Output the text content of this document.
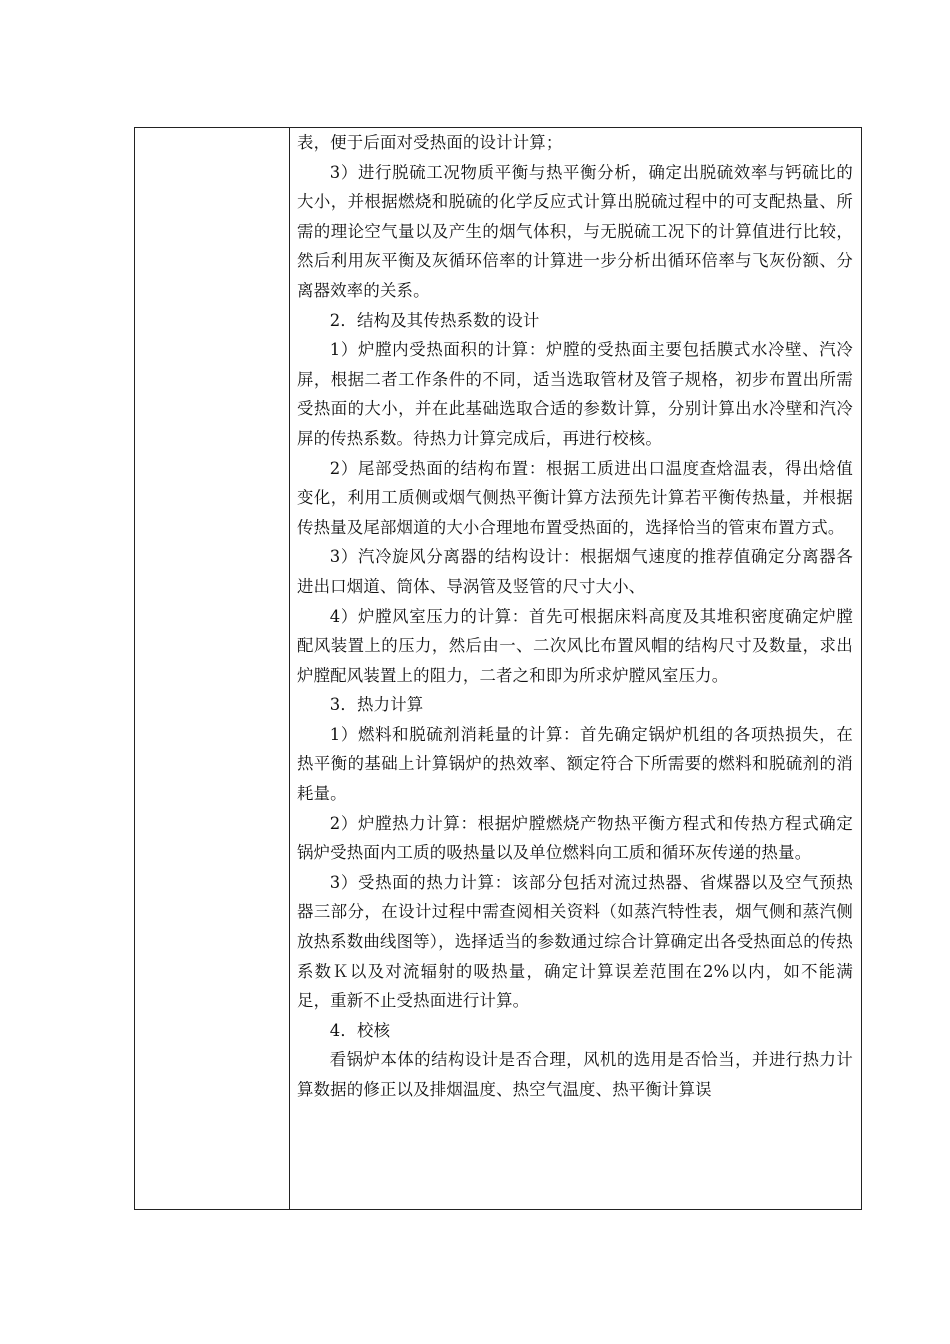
表，便于后面对受热面的设计计算；

3）进行脱硫工况物质平衡与热平衡分析，确定出脱硫效率与钙硫比的大小，并根据燃烧和脱硫的化学反应式计算出脱硫过程中的可支配热量、所需的理论空气量以及产生的烟气体积，与无脱硫工况下的计算值进行比较，然后利用灰平衡及灰循环倍率的计算进一步分析出循环倍率与飞灰份额、分离器效率的关系。

2．结构及其传热系数的设计

1）炉膛内受热面积的计算：炉膛的受热面主要包括膜式水冷壁、汽冷屏，根据二者工作条件的不同，适当选取管材及管子规格，初步布置出所需受热面的大小，并在此基础选取合适的参数计算，分别计算出水冷壁和汽冷屏的传热系数。待热力计算完成后，再进行校核。

2）尾部受热面的结构布置：根据工质进出口温度查焓温表，得出焓值变化，利用工质侧或烟气侧热平衡计算方法预先计算若平衡传热量，并根据传热量及尾部烟道的大小合理地布置受热面的，选择恰当的管束布置方式。

3）汽冷旋风分离器的结构设计：根据烟气速度的推荐值确定分离器各进出口烟道、筒体、导涡管及竖管的尺寸大小、

4）炉膛风室压力的计算：首先可根据床料高度及其堆积密度确定炉膛配风装置上的压力，然后由一、二次风比布置风帽的结构尺寸及数量，求出炉膛配风装置上的阻力，二者之和即为所求炉膛风室压力。

3．热力计算

1）燃料和脱硫剂消耗量的计算：首先确定锅炉机组的各项热损失，在热平衡的基础上计算锅炉的热效率、额定符合下所需要的燃料和脱硫剂的消耗量。

2）炉膛热力计算：根据炉膛燃烧产物热平衡方程式和传热方程式确定锅炉受热面内工质的吸热量以及单位燃料向工质和循环灰传递的热量。

3）受热面的热力计算：该部分包括对流过热器、省煤器以及空气预热器三部分，在设计过程中需查阅相关资料（如蒸汽特性表，烟气侧和蒸汽侧放热系数曲线图等），选择适当的参数通过综合计算确定出各受热面总的传热系数Ｋ以及对流辐射的吸热量，确定计算误差范围在2%以内，如不能满足，重新不止受热面进行计算。

4．校核

看锅炉本体的结构设计是否合理，风机的选用是否恰当，并进行热力计算数据的修正以及排烟温度、热空气温度、热平衡计算误
